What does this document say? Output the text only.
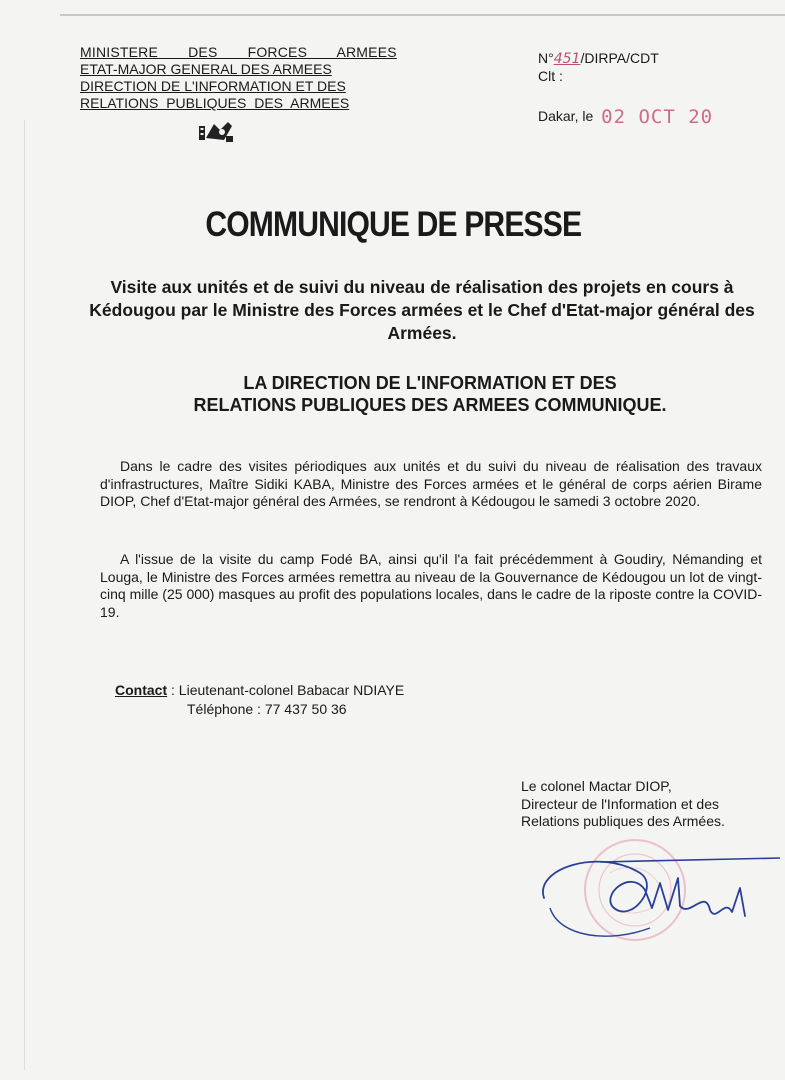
MINISTERE DES FORCES ARMEES
ETAT-MAJOR GENERAL DES ARMEES
DIRECTION DE L'INFORMATION ET DES
RELATIONS PUBLIQUES DES ARMEES
N°451/DIRPA/CDT
Clt :
Dakar, le 02 OCT 20
COMMUNIQUE DE PRESSE
Visite aux unités et de suivi du niveau de réalisation des projets en cours à Kédougou par le Ministre des Forces armées et le Chef d'Etat-major général des Armées.
LA DIRECTION DE L'INFORMATION ET DES
RELATIONS PUBLIQUES DES ARMEES COMMUNIQUE.
Dans le cadre des visites périodiques aux unités et du suivi du niveau de réalisation des travaux d'infrastructures, Maître Sidiki KABA, Ministre des Forces armées et le général de corps aérien Birame DIOP, Chef d'Etat-major général des Armées, se rendront à Kédougou le samedi 3 octobre 2020.
A l'issue de la visite du camp Fodé BA, ainsi qu'il l'a fait précédemment à Goudiry, Némanding et Louga, le Ministre des Forces armées remettra au niveau de la Gouvernance de Kédougou un lot de vingt-cinq mille (25 000) masques au profit des populations locales, dans le cadre de la riposte contre la COVID-19.
Contact : Lieutenant-colonel Babacar NDIAYE
Téléphone : 77 437 50 36
Le colonel Mactar DIOP,
Directeur de l'Information et des
Relations publiques des Armées.
